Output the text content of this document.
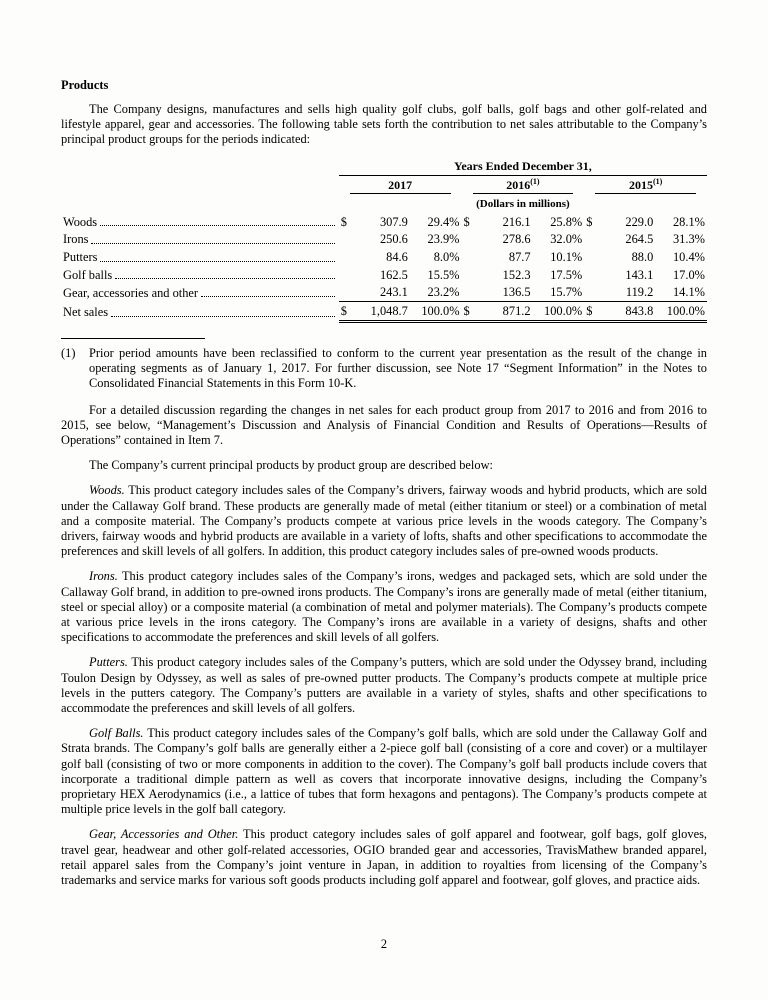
Products

The Company designs, manufactures and sells high quality golf clubs, golf balls, golf bags and other golf-related and lifestyle apparel, gear and accessories. The following table sets forth the contribution to net sales attributable to the Company’s principal product groups for the periods indicated:

	Years Ended December 31,					

	2017		2016$^{(1)}$		2015$^{(1)}$

	(Dollars in millions)					

Woods	$ 307.9	29.4%	$ 216.1	25.8%	$ 229.0	28.1%

Irons	250.6	23.9%	278.6	32.0%	264.5	31.3%

Putters	84.6	8.0%	87.7	10.1%	88.0	10.4%

Golf balls	162.5	15.5%	152.3	17.5%	143.1	17.0%

Gear, accessories and other	243.1	23.2%	136.5	15.7%	119.2	14.1%

Net sales	$ 1,048.7	100.0%	$ 871.2	100.0%	$ 843.8	100.0%
(1)	Prior period amounts have been reclassified to conform to the current year presentation as the result of the change in operating segments as of January 1, 2017. For further discussion, see Note 17 “Segment Information” in the Notes to Consolidated Financial Statements in this Form 10-K.

For a detailed discussion regarding the changes in net sales for each product group from 2017 to 2016 and from 2016 to 2015, see below, “Management’s Discussion and Analysis of Financial Condition and Results of Operations—Results of Operations” contained in Item 7.

The Company’s current principal products by product group are described below:

Woods. This product category includes sales of the Company’s drivers, fairway woods and hybrid products, which are sold under the Callaway Golf brand. These products are generally made of metal (either titanium or steel) or a combination of metal and a composite material. The Company’s products compete at various price levels in the woods category. The Company’s drivers, fairway woods and hybrid products are available in a variety of lofts, shafts and other specifications to accommodate the preferences and skill levels of all golfers. In addition, this product category includes sales of pre-owned woods products.

Irons. This product category includes sales of the Company’s irons, wedges and packaged sets, which are sold under the Callaway Golf brand, in addition to pre-owned irons products. The Company’s irons are generally made of metal (either titanium, steel or special alloy) or a composite material (a combination of metal and polymer materials). The Company’s products compete at various price levels in the irons category. The Company’s irons are available in a variety of designs, shafts and other specifications to accommodate the preferences and skill levels of all golfers.

Putters. This product category includes sales of the Company’s putters, which are sold under the Odyssey brand, including Toulon Design by Odyssey, as well as sales of pre-owned putter products. The Company’s products compete at multiple price levels in the putters category. The Company’s putters are available in a variety of styles, shafts and other specifications to accommodate the preferences and skill levels of all golfers.

Golf Balls. This product category includes sales of the Company’s golf balls, which are sold under the Callaway Golf and Strata brands. The Company’s golf balls are generally either a 2-piece golf ball (consisting of a core and cover) or a multilayer golf ball (consisting of two or more components in addition to the cover). The Company’s golf ball products include covers that incorporate a traditional dimple pattern as well as covers that incorporate innovative designs, including the Company’s proprietary HEX Aerodynamics (i.e., a lattice of tubes that form hexagons and pentagons). The Company’s products compete at multiple price levels in the golf ball category.

Gear, Accessories and Other. This product category includes sales of golf apparel and footwear, golf bags, golf gloves, travel gear, headwear and other golf-related accessories, OGIO branded gear and accessories, TravisMathew branded apparel, retail apparel sales from the Company’s joint venture in Japan, in addition to royalties from licensing of the Company’s trademarks and service marks for various soft goods products including golf apparel and footwear, golf gloves, and practice aids.

2
